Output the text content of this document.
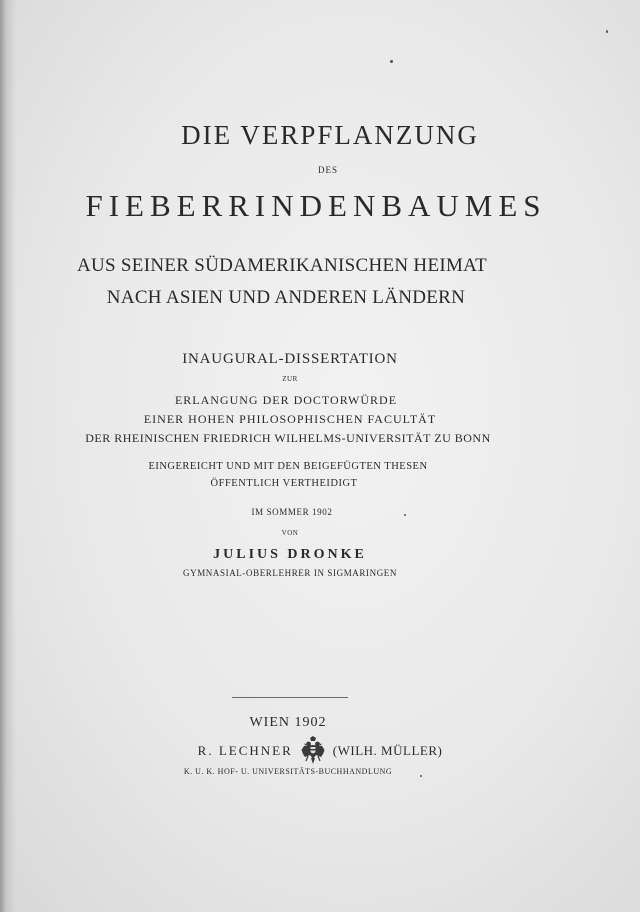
DIE VERPFLANZUNG
DES
FIEBERRINDENBAUMES
AUS SEINER SÜDAMERIKANISCHEN HEIMAT
NACH ASIEN UND ANDEREN LÄNDERN
INAUGURAL-DISSERTATION
ZUR
ERLANGUNG DER DOCTORWÜRDE
EINER HOHEN PHILOSOPHISCHEN FACULTÄT
DER RHEINISCHEN FRIEDRICH WILHELMS-UNIVERSITÄT ZU BONN
EINGEREICHT UND MIT DEN BEIGEFÜGTEN THESEN
ÖFFENTLICH VERTHEIDIGT
IM SOMMER 1902
VON
JULIUS DRONKE
GYMNASIAL-OBERLEHRER IN SIGMARINGEN
WIEN 1902
R. LECHNER	(WILH. MÜLLER)
K. U. K. HOF- U. UNIVERSITÄTS-BUCHHANDLUNG
